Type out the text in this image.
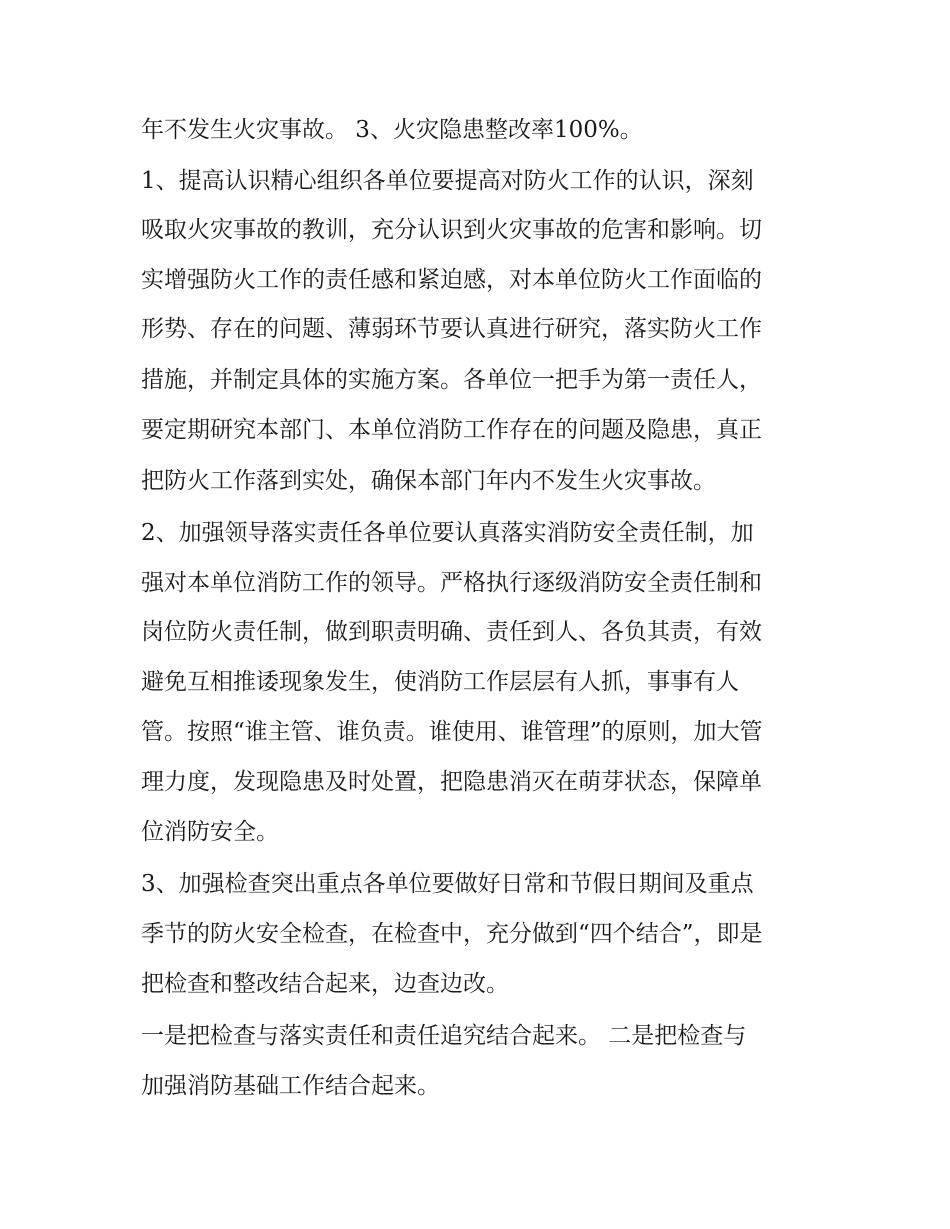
年不发生火灾事故。 3、火灾隐患整改率100%。
1、提高认识精心组织各单位要提高对防火工作的认识，深刻
吸取火灾事故的教训，充分认识到火灾事故的危害和影响。切
实增强防火工作的责任感和紧迫感，对本单位防火工作面临的
形势、存在的问题、薄弱环节要认真进行研究，落实防火工作
措施，并制定具体的实施方案。各单位一把手为第一责任人，
要定期研究本部门、本单位消防工作存在的问题及隐患，真正
把防火工作落到实处，确保本部门年内不发生火灾事故。
2、加强领导落实责任各单位要认真落实消防安全责任制，加
强对本单位消防工作的领导。严格执行逐级消防安全责任制和
岗位防火责任制，做到职责明确、责任到人、各负其责，有效
避免互相推诿现象发生，使消防工作层层有人抓，事事有人
管。按照“谁主管、谁负责。谁使用、谁管理”的原则，加大管
理力度，发现隐患及时处置，把隐患消灭在萌芽状态，保障单
位消防安全。
3、加强检查突出重点各单位要做好日常和节假日期间及重点
季节的防火安全检查，在检查中，充分做到“四个结合”，即是
把检查和整改结合起来，边查边改。
一是把检查与落实责任和责任追究结合起来。 二是把检查与
加强消防基础工作结合起来。
